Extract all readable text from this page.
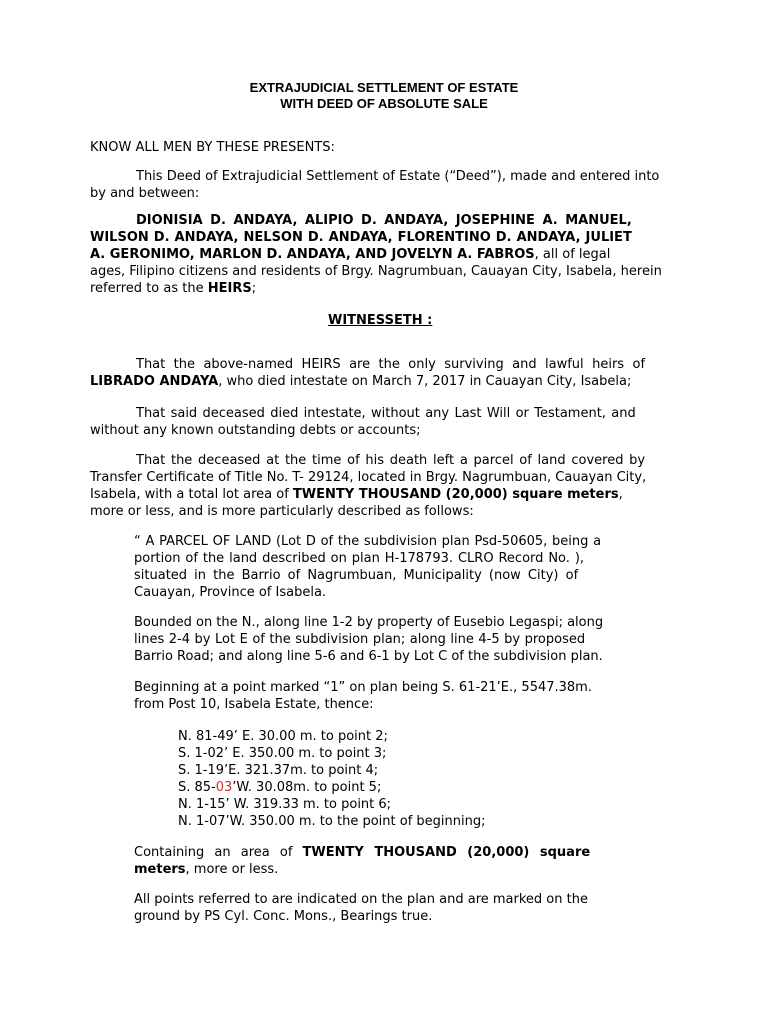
EXTRAJUDICIAL SETTLEMENT OF ESTATE
WITH DEED OF ABSOLUTE SALE
KNOW ALL MEN BY THESE PRESENTS:
This Deed of Extrajudicial Settlement of Estate (“Deed”), made and entered into
by and between:
DIONISIA D. ANDAYA, ALIPIO D. ANDAYA, JOSEPHINE A. MANUEL,
WILSON D. ANDAYA, NELSON D. ANDAYA, FLORENTINO D. ANDAYA, JULIET
A. GERONIMO, MARLON D. ANDAYA, AND JOVELYN A. FABROS, all of legal
ages, Filipino citizens and residents of Brgy. Nagrumbuan, Cauayan City, Isabela, herein
referred to as the HEIRS;
WITNESSETH :
That the above-named HEIRS are the only surviving and lawful heirs of
LIBRADO ANDAYA, who died intestate on March 7, 2017 in Cauayan City, Isabela;
That said deceased died intestate, without any Last Will or Testament, and
without any known outstanding debts or accounts;
That the deceased at the time of his death left a parcel of land covered by
Transfer Certificate of Title No. T- 29124, located in Brgy. Nagrumbuan, Cauayan City,
Isabela, with a total lot area of TWENTY THOUSAND (20,000) square meters,
more or less, and is more particularly described as follows:
“ A PARCEL OF LAND (Lot D of the subdivision plan Psd-50605, being a
portion of the land described on plan H-178793. CLRO Record No. ),
situated in the Barrio of Nagrumbuan, Municipality (now City) of
Cauayan, Province of Isabela.
Bounded on the N., along line 1-2 by property of Eusebio Legaspi; along
lines 2-4 by Lot E of the subdivision plan; along line 4-5 by proposed
Barrio Road; and along line 5-6 and 6-1 by Lot C of the subdivision plan.
Beginning at a point marked “1” on plan being S. 61-21’E., 5547.38m.
from Post 10, Isabela Estate, thence:
N. 81-49’ E. 30.00 m. to point 2;
S. 1-02’ E. 350.00 m. to point 3;
S. 1-19’E. 321.37m. to point 4;
S. 85-03’W. 30.08m. to point 5;
N. 1-15’ W. 319.33 m. to point 6;
N. 1-07’W. 350.00 m. to the point of beginning;
Containing an area of TWENTY THOUSAND (20,000) square
meters, more or less.
All points referred to are indicated on the plan and are marked on the
ground by PS Cyl. Conc. Mons., Bearings true.
